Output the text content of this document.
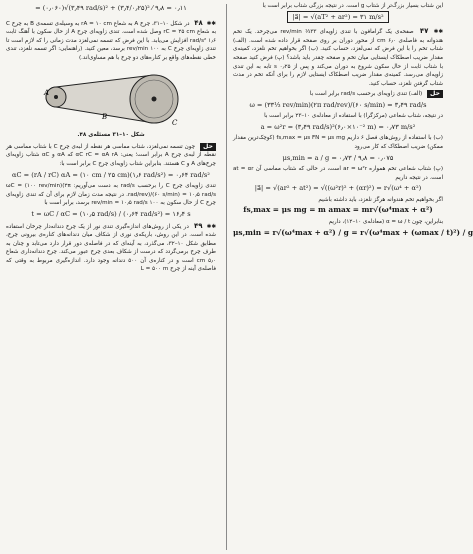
= (۰٫۰۶۰)√(۳٫۴۹ rad/s)² + (۳٫۴/۰٫۲۵)² ⁄ ۹٫۸ = ۰٫۱۱

✱✱ ۴۸ در شکل ۱۰–۳۱، چرخ A به شعاع rA = ۱۰ cm به وسیله‌ی تسمه‌ی B به چرخ C به شعاع rC = ۲۵ cm وصل شده است. تندی زاویه‌ای چرخ A از حال سکون با آهنگ ثابت ۱٫۶ rad/s² افزایش می‌یابد. با این فرض که تسمه نمی‌لغزد مدت زمانی را که لازم است تا تندی زاویه‌ای چرخ C به ۱۰۰ rev/min برسد، معین کنید. (راهنمایی: اگر تسمه نلغزد، تندی خطی نقطه‌های واقع بر کناره‌های دو چرخ با هم مساوی‌اند.)

A
B
C
شکل ۱۰–۳۱ مسئله‌ی ۴۸.

حل چون تسمه نمی‌لغزد، شتاب مماسی هر نقطه از لبه‌ی چرخ C با شتاب مماسی هر نقطه از لبه‌ی چرخ A برابر است؛ یعنی: αC rC = αA rA که αA و αC شتاب زاویه‌ای چرخ‌های A و C هستند. بنابراین شتاب زاویه‌ای چرخ C برابر است با:

αC = (rA / rC) αA = (۱۰ cm / ۲۵ cm)(۱٫۶ rad/s²) = ۰٫۶۴ rad/s²

تندی زاویه‌ای چرخ C را برحسب rad/s به دست می‌آوریم: ωC = (۱۰۰ rev/min)(۲π rad/rev)/(۶۰ s/min) = ۱۰٫۵ rad/s. در نتیجه مدت زمان لازم برای آن که تندی زاویه‌ای چرخ C از حال سکون به ۱۰۰ rev/min = ۱۰٫۵ rad/s برسد، برابر است با

t = ωC / αC = (۱۰٫۵ rad/s) / (۰٫۶۴ rad/s²) = ۱۶٫۴ s

✱✱ ۴۹ در یکی از روش‌های اندازه‌گیری تندی نور از یک چرخ دندانه‌دار چرخان استفاده شده است. در این روش، باریکه‌ی نوری از شکاف میان دندانه‌های کناره‌ی بیرونی چرخ، مطابق شکل ۱۰–۳۲، می‌گذرد، به آینه‌ای که در فاصله‌ی دور قرار دارد می‌تابد و چنان به طرف چرخ برمی‌گردد که درست از شکاف بعدی چرخ عبور می‌کند. چرخ دندانه‌داری شعاع ۵٫۰ cm است و در کناره‌ی آن ۵۰۰ دندانه وجود دارد. اندازه‌گیری مربوط به وقتی که فاصله‌ی آینه از چرخ L = ۵۰۰ m

این شتاب بسیار بزرگ‌تر از شتاب g است. در نتیجه بزرگی شتاب برابر است با

|a⃗| = √(aT² + ar²) = ۳۱ m/s²

✱✱ ۴۷ صفحه‌ی یک گرامافون با تندی زاویه‌ای ۳۳⅓ rev/min می‌چرخد. یک تخم هندوانه به فاصله‌ی ۶٫۰ cm از محور دوران بر روی صفحه قرار داده شده است. (الف) شتاب تخم را با این فرض که نمی‌لغزد، حساب کنید. (ب) اگر بخواهیم تخم نلغزد، کمینه‌ی مقدار ضریب اصطکاک ایستایی میان تخم و صفحه چقدر باید باشد؟ (پ) فرض کنید صفحه با شتاب ثابت از حال سکون شروع به دوران می‌کند و پس از ۰٫۲۵ s تابه به این تندی زاویه‌ای می‌رسد. کمینه‌ی مقدار ضریب اصطکاک ایستایی لازم را برای آنکه تخم در مدت شتاب گرفتن نلغزد، حساب کنید.

حل (الف) تندی زاویه‌ای برحسب rad/s برابر است با

ω = (۳۳⅓ rev/min)(۲π rad/rev)/(۶۰ s/min) = ۳٫۴۹ rad/s

در نتیجه، شتاب شعاعی (مرکزگرا) با استفاده از معادله‌ی ۱۰–۲۳ برابر است با

a = ω²r = (۳٫۴۹ rad/s)²(۶٫۰×۱۰⁻² m) = ۰٫۷۳ m/s²

(ب) با استفاده از روش‌های فصل ۶ داریم fs,max = μs FN = μs mg (کوچک‌ترین مقدار ممکن) ضریب اصطکاک که کار می‌رود

μs,min = a / g = ۰٫۷۳ / ۹٫۸ = ۰٫۰۷۵

(پ) شتاب شعاعی تخم همواره ar = ω²r است، در حالی که شتاب مماسی آن at = αr است. در نتیجه داریم

|a⃗| = √(ar² + at²) = √((ω²r)² + (αr)²) = r√(ω⁴ + α²)

اگر بخواهیم تخم هندوانه هرگز نلغزد، باید داشته باشیم

fs,max = μs mg = m amax = mr√(ω⁴max + α²)

بنابراین، چون α = ω / t (معادله‌ی ۱۰–۱۲)، داریم

μs,min = r√(ω⁴max + α²) / g = r√(ω⁴max + (ωmax / t)²) / g
